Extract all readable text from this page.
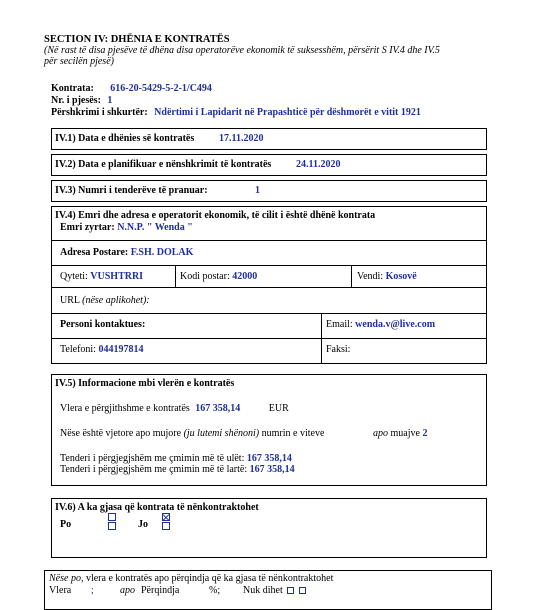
SECTION IV: DHËNIA E KONTRATËS
(Në rast të disa pjesëve të dhëna disa operatorëve ekonomik të suksesshëm, përsërit S IV.4 dhe IV.5
për secilën pjesë)
Kontrata: 616-20-5429-5-2-1/C494
Nr. i pjesës: 1
Përshkrimi i shkurtër: Ndërtimi i Lapidarit në Prapashticë për dëshmorët e vitit 1921
IV.1) Data e dhënies së kontratës 17.11.2020
IV.2) Data e planifikuar e nënshkrimit të kontratës 24.11.2020
IV.3) Numri i tenderëve të pranuar:	1
IV.4) Emri dhe adresa e operatorit ekonomik, të cilit i është dhënë kontrata
Emri zyrtar: N.N.P. " Wenda "
Adresa Postare: F.SH. DOLAK
Qyteti: VUSHTRRI	Kodi postar: 42000	Vendi: Kosovë
URL (nëse aplikohet):
Personi kontaktues:	Email: wenda.v@live.com
Telefoni: 044197814	Faksi:
IV.5) Informacione mbi vlerën e kontratës
Vlera e përgjithshme e kontratës 167 358,14	EUR
Nëse është vjetore apo mujore (ju lutemi shënoni) numrin e viteve	apo muajve 2
Tenderi i përgjegjshëm me çmimin më të ulët: 167 358,14
Tenderi i përgjegjshëm me çmimin më të lartë: 167 358,14
IV.6) A ka gjasa që kontrata të nënkontraktohet
Po	Jo
Nëse po, vlera e kontratës apo përqindja që ka gjasa të nënkontraktohet
Vlera ;	apo Përqindja	%; Nuk dihet
